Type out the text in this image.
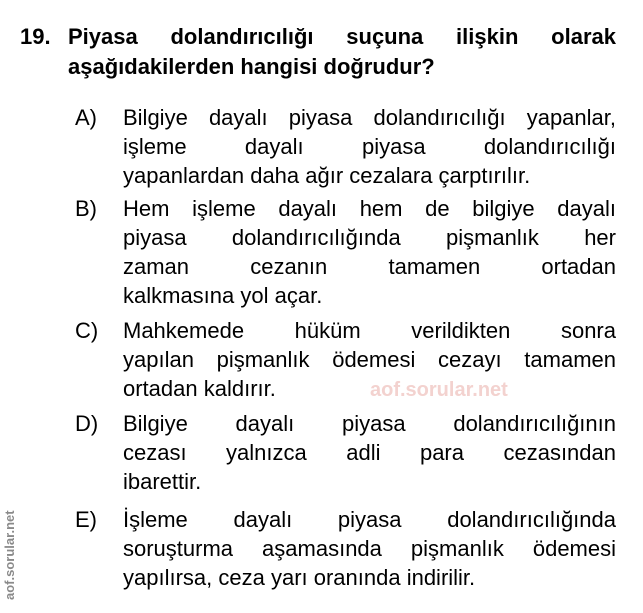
aof.sorular.net
aof.sorular.net
19. Piyasa dolandırıcılığı suçuna ilişkin olarak
aşağıdakilerden hangisi doğrudur?
A) Bilgiye dayalı piyasa dolandırıcılığı yapanlar,
işleme dayalı piyasa dolandırıcılığı
yapanlardan daha ağır cezalara çarptırılır.
B) Hem işleme dayalı hem de bilgiye dayalı
piyasa dolandırıcılığında pişmanlık her
zaman cezanın tamamen ortadan
kalkmasına yol açar.
C) Mahkemede hüküm verildikten sonra
yapılan pişmanlık ödemesi cezayı tamamen
ortadan kaldırır.
D) Bilgiye dayalı piyasa dolandırıcılığının
cezası yalnızca adli para cezasından
ibarettir.
E) İşleme dayalı piyasa dolandırıcılığında
soruşturma aşamasında pişmanlık ödemesi
yapılırsa, ceza yarı oranında indirilir.
